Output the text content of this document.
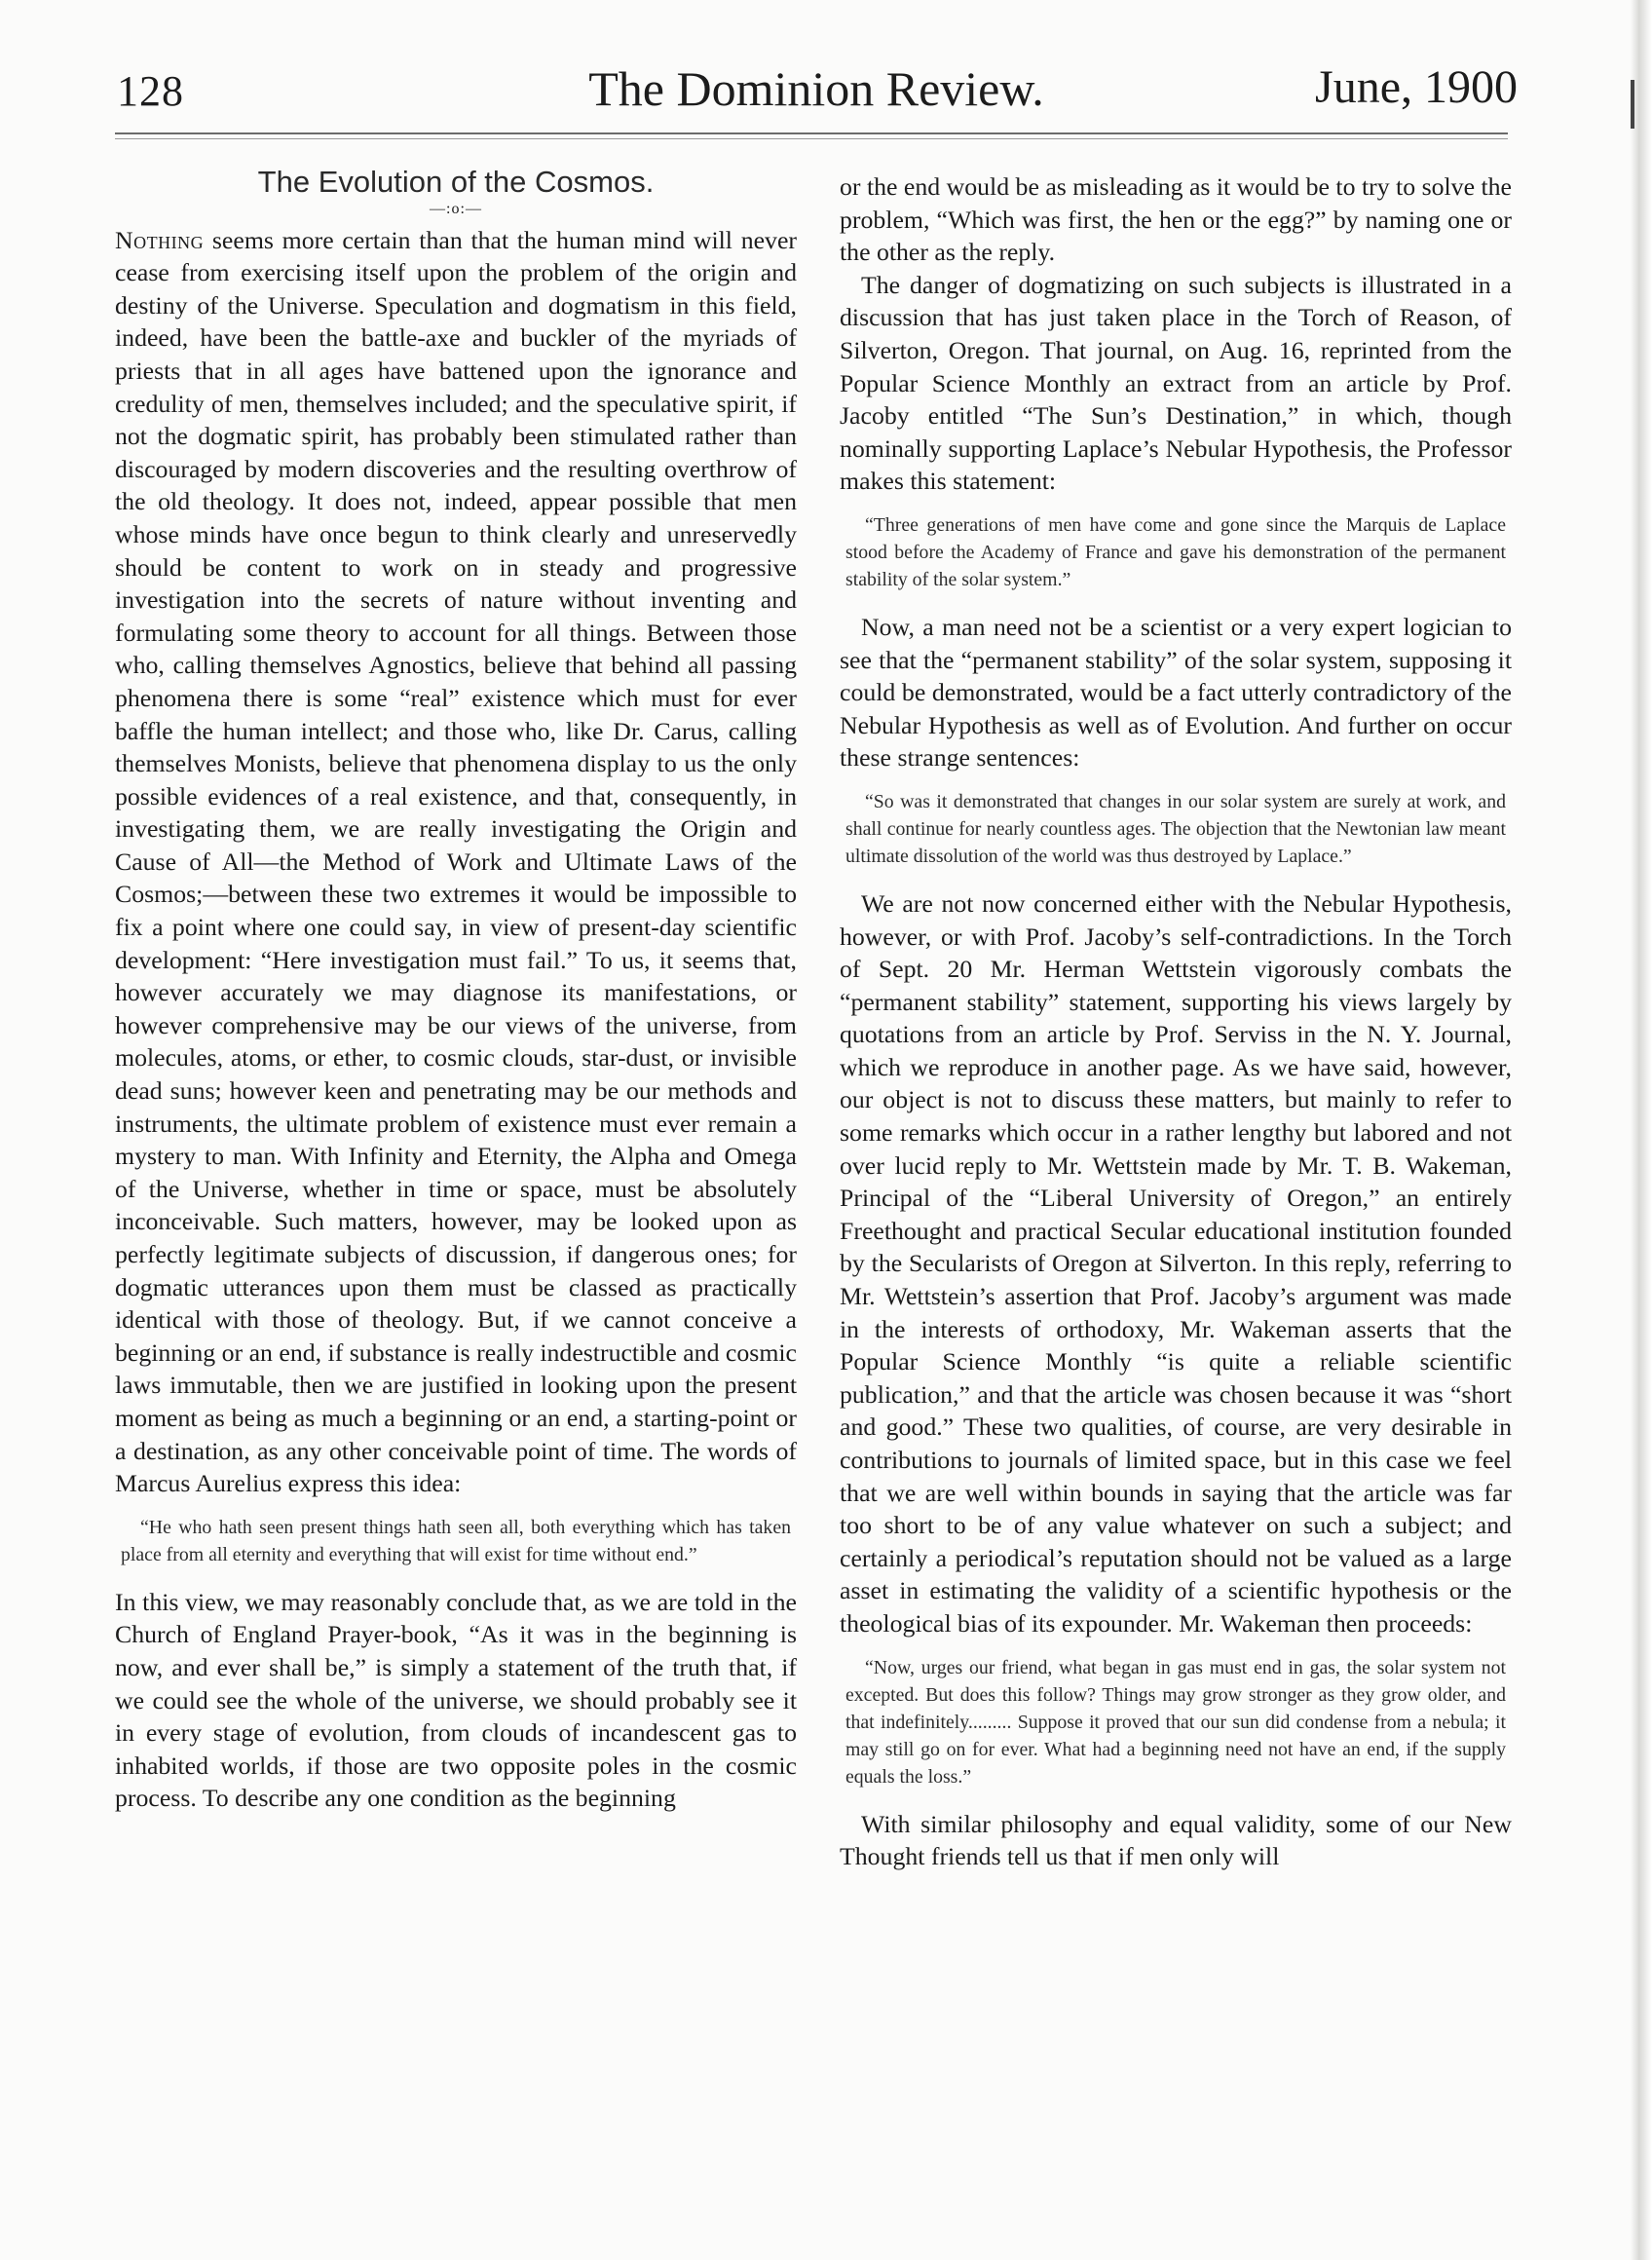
128	The Dominion Review.	June, 1900
The Evolution of the Cosmos.
—:o:—

Nothing seems more certain than that the human mind will never cease from exercising itself upon the problem of the origin and destiny of the Universe. Speculation and dogmatism in this field, indeed, have been the battle-axe and buckler of the myriads of priests that in all ages have battened upon the ignorance and credulity of men, themselves included; and the speculative spirit, if not the dogmatic spirit, has probably been stimulated rather than discouraged by modern discoveries and the resulting overthrow of the old theology. It does not, indeed, appear possible that men whose minds have once begun to think clearly and unreservedly should be content to work on in steady and progressive investigation into the secrets of nature without inventing and formulating some theory to account for all things. Between those who, calling themselves Agnostics, believe that behind all passing phenomena there is some “real” existence which must for ever baffle the human intellect; and those who, like Dr. Carus, calling themselves Monists, believe that phenomena display to us the only possible evidences of a real existence, and that, consequently, in investigating them, we are really investigating the Origin and Cause of All—the Method of Work and Ultimate Laws of the Cosmos;—between these two extremes it would be impossible to fix a point where one could say, in view of present-day scientific development: “Here investigation must fail.” To us, it seems that, however accurately we may diagnose its manifestations, or however comprehensive may be our views of the universe, from molecules, atoms, or ether, to cosmic clouds, star-dust, or invisible dead suns; however keen and penetrating may be our methods and instruments, the ultimate problem of existence must ever remain a mystery to man. With Infinity and Eternity, the Alpha and Omega of the Universe, whether in time or space, must be absolutely inconceivable. Such matters, however, may be looked upon as perfectly legitimate subjects of discussion, if dangerous ones; for dogmatic utterances upon them must be classed as practically identical with those of theology. But, if we cannot conceive a beginning or an end, if substance is really indestructible and cosmic laws immutable, then we are justified in looking upon the present moment as being as much a beginning or an end, a starting-point or a destination, as any other conceivable point of time. The words of Marcus Aurelius express this idea:

“He who hath seen present things hath seen all, both everything which has taken place from all eternity and everything that will exist for time without end.”

In this view, we may reasonably conclude that, as we are told in the Church of England Prayer-book, “As it was in the beginning is now, and ever shall be,” is simply a statement of the truth that, if we could see the whole of the universe, we should probably see it in every stage of evolution, from clouds of incandescent gas to inhabited worlds, if those are two opposite poles in the cosmic process. To describe any one condition as the beginning

or the end would be as misleading as it would be to try to solve the problem, “Which was first, the hen or the egg?” by naming one or the other as the reply.

The danger of dogmatizing on such subjects is illustrated in a discussion that has just taken place in the Torch of Reason, of Silverton, Oregon. That journal, on Aug. 16, reprinted from the Popular Science Monthly an extract from an article by Prof. Jacoby entitled “The Sun’s Destination,” in which, though nominally supporting Laplace’s Nebular Hypothesis, the Professor makes this statement:

“Three generations of men have come and gone since the Marquis de Laplace stood before the Academy of France and gave his demonstration of the permanent stability of the solar system.”

Now, a man need not be a scientist or a very expert logician to see that the “permanent stability” of the solar system, supposing it could be demonstrated, would be a fact utterly contradictory of the Nebular Hypothesis as well as of Evolution. And further on occur these strange sentences:

“So was it demonstrated that changes in our solar system are surely at work, and shall continue for nearly countless ages. The objection that the Newtonian law meant ultimate dissolution of the world was thus destroyed by Laplace.”

We are not now concerned either with the Nebular Hypothesis, however, or with Prof. Jacoby’s self-contradictions. In the Torch of Sept. 20 Mr. Herman Wettstein vigorously combats the “permanent stability” statement, supporting his views largely by quotations from an article by Prof. Serviss in the N. Y. Journal, which we reproduce in another page. As we have said, however, our object is not to discuss these matters, but mainly to refer to some remarks which occur in a rather lengthy but labored and not over lucid reply to Mr. Wettstein made by Mr. T. B. Wakeman, Principal of the “Liberal University of Oregon,” an entirely Freethought and practical Secular educational institution founded by the Secularists of Oregon at Silverton. In this reply, referring to Mr. Wettstein’s assertion that Prof. Jacoby’s argument was made in the interests of orthodoxy, Mr. Wakeman asserts that the Popular Science Monthly “is quite a reliable scientific publication,” and that the article was chosen because it was “short and good.” These two qualities, of course, are very desirable in contributions to journals of limited space, but in this case we feel that we are well within bounds in saying that the article was far too short to be of any value whatever on such a subject; and certainly a periodical’s reputation should not be valued as a large asset in estimating the validity of a scientific hypothesis or the theological bias of its expounder. Mr. Wakeman then proceeds:

“Now, urges our friend, what began in gas must end in gas, the solar system not excepted. But does this follow? Things may grow stronger as they grow older, and that indefinitely......... Suppose it proved that our sun did condense from a nebula; it may still go on for ever. What had a beginning need not have an end, if the supply equals the loss.”

With similar philosophy and equal validity, some of our New Thought friends tell us that if men only will
